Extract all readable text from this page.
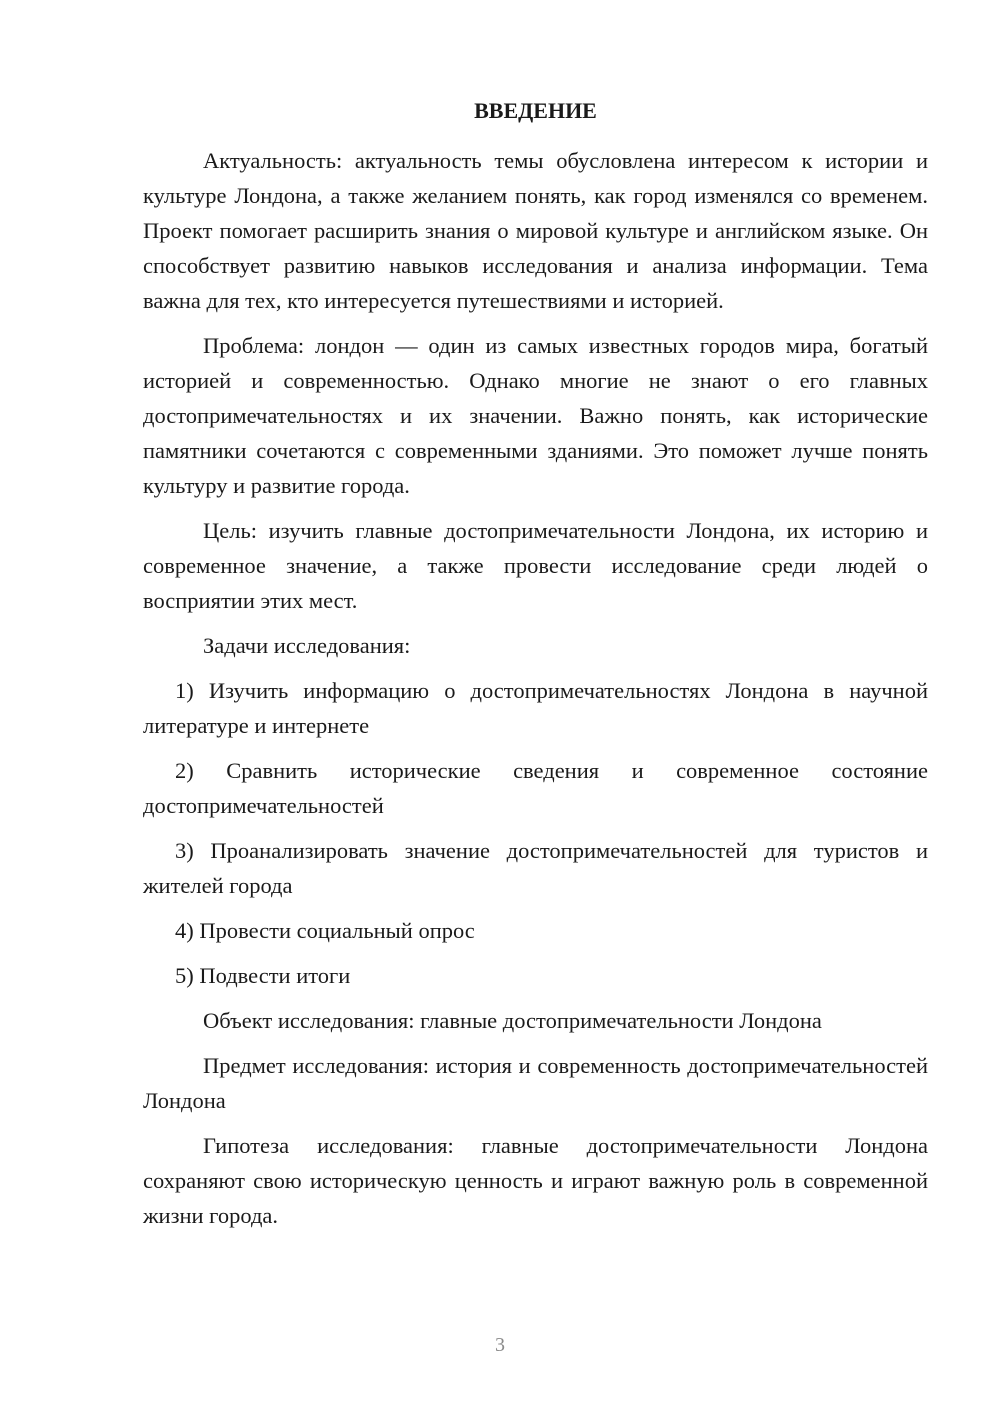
ВВЕДЕНИЕ

Актуальность: актуальность темы обусловлена интересом к истории и культуре Лондона, а также желанием понять, как город изменялся со временем. Проект помогает расширить знания о мировой культуре и английском языке. Он способствует развитию навыков исследования и анализа информации. Тема важна для тех, кто интересуется путешествиями и историей.

Проблема: лондон — один из самых известных городов мира, богатый историей и современностью. Однако многие не знают о его главных достопримечательностях и их значении. Важно понять, как исторические памятники сочетаются с современными зданиями. Это поможет лучше понять культуру и развитие города.

Цель: изучить главные достопримечательности Лондона, их историю и современное значение, а также провести исследование среди людей о восприятии этих мест.

Задачи исследования:

1) Изучить информацию о достопримечательностях Лондона в научной литературе и интернете

2) Сравнить исторические сведения и современное состояние достопримечательностей

3) Проанализировать значение достопримечательностей для туристов и жителей города

4) Провести социальный опрос

5) Подвести итоги

Объект исследования: главные достопримечательности Лондона

Предмет исследования: история и современность достопримечательностей Лондона

Гипотеза исследования: главные достопримечательности Лондона сохраняют свою историческую ценность и играют важную роль в современной жизни города.

3
